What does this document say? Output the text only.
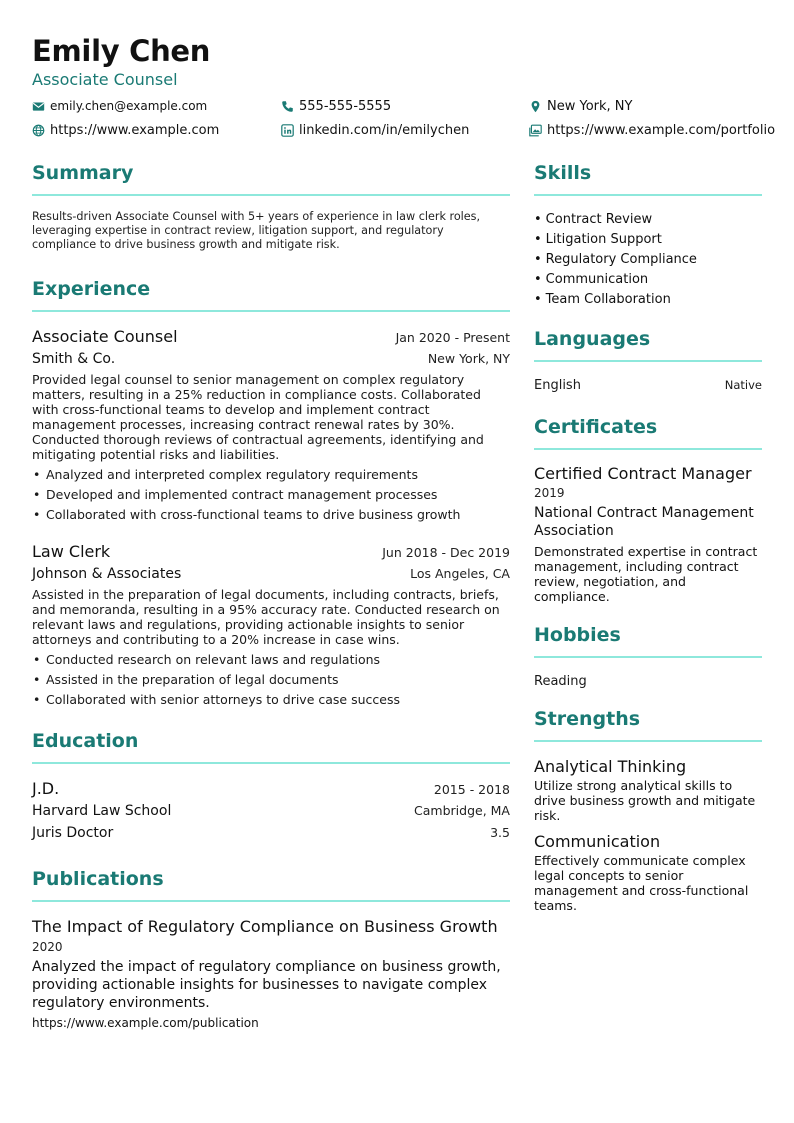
Emily Chen
Associate Counsel
emily.chen@example.com	555-555-5555	New York, NY
https://www.example.com	linkedin.com/in/emilychen	https://www.example.com/portfolio
Summary

Results-driven Associate Counsel with 5+ years of experience in law clerk roles, leveraging expertise in contract review, litigation support, and regulatory compliance to drive business growth and mitigate risk.

Experience
Associate Counsel	Jan 2020 - Present
Smith & Co.	New York, NY

Provided legal counsel to senior management on complex regulatory matters, resulting in a 25% reduction in compliance costs. Collaborated with cross-functional teams to develop and implement contract management processes, increasing contract renewal rates by 30%. Conducted thorough reviews of contractual agreements, identifying and mitigating potential risks and liabilities.

• Analyzed and interpreted complex regulatory requirements
• Developed and implemented contract management processes
• Collaborated with cross-functional teams to drive business growth
Law Clerk	Jun 2018 - Dec 2019
Johnson & Associates	Los Angeles, CA

Assisted in the preparation of legal documents, including contracts, briefs, and memoranda, resulting in a 95% accuracy rate. Conducted research on relevant laws and regulations, providing actionable insights to senior attorneys and contributing to a 20% increase in case wins.

• Conducted research on relevant laws and regulations
• Assisted in the preparation of legal documents
• Collaborated with senior attorneys to drive case success
Education
J.D.	2015 - 2018
Harvard Law School	Cambridge, MA
Juris Doctor	3.5
Publications
The Impact of Regulatory Compliance on Business Growth
2020

Analyzed the impact of regulatory compliance on business growth, providing actionable insights for businesses to navigate complex regulatory environments.

https://www.example.com/publication
Skills
• Contract Review
• Litigation Support
• Regulatory Compliance
• Communication
• Team Collaboration
Languages
English	Native
Certificates
Certified Contract Manager
2019
National Contract Management Association

Demonstrated expertise in contract management, including contract review, negotiation, and compliance.

Hobbies
Reading
Strengths
Analytical Thinking

Utilize strong analytical skills to drive business growth and mitigate risk.

Communication

Effectively communicate complex legal concepts to senior management and cross-functional teams.
